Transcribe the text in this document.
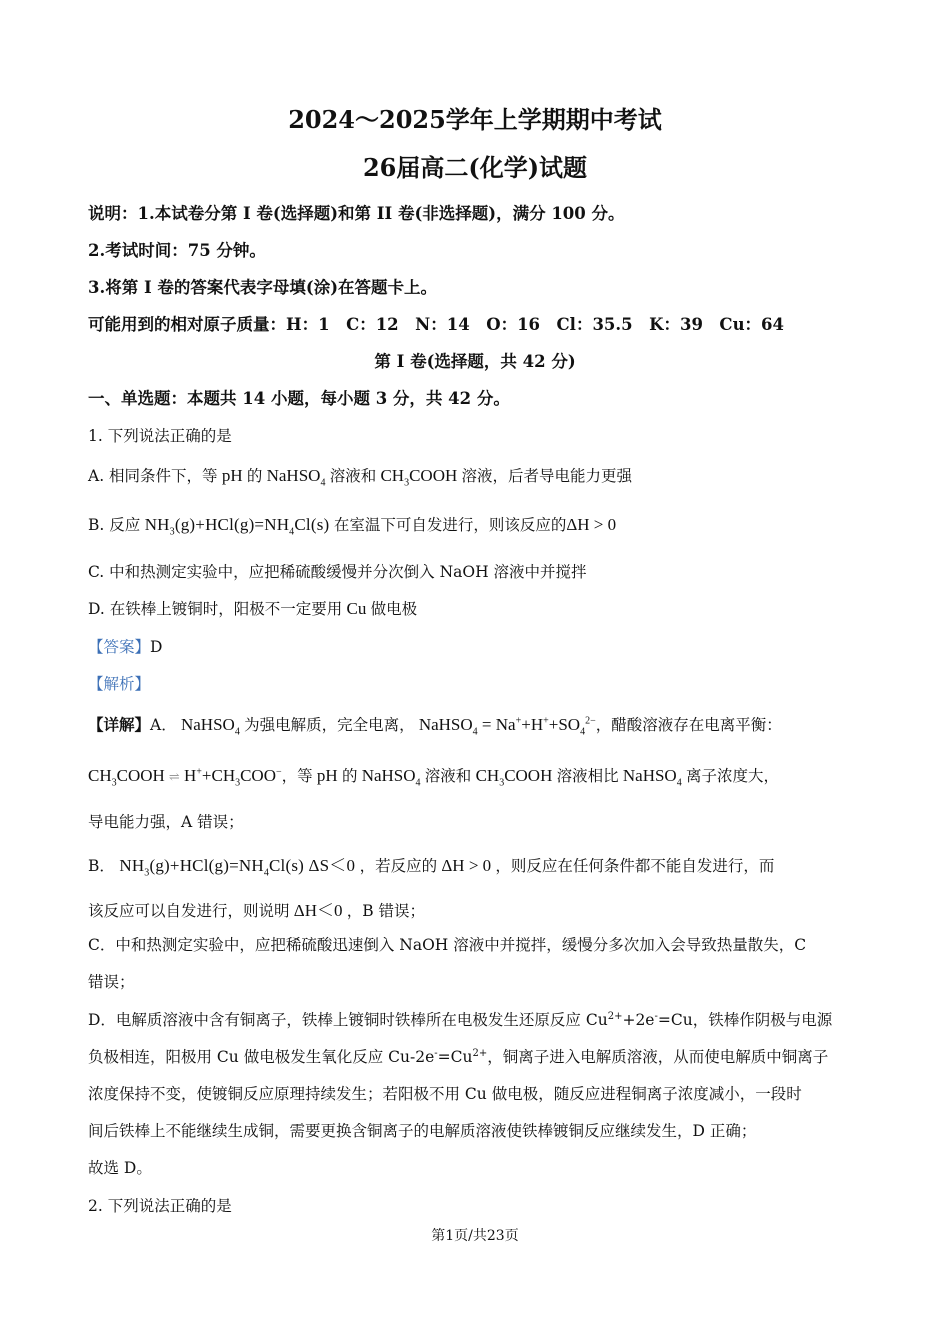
2024～2025学年上学期期中考试
26届高二(化学)试题
说明：1.本试卷分第 I 卷(选择题)和第 II 卷(非选择题)，满分 100 分。
2.考试时间：75 分钟。
3.将第 I 卷的答案代表字母填(涂)在答题卡上。
可能用到的相对原子质量：H：1　C：12　N：14　O：16　Cl：35.5　K：39　Cu：64
第 I 卷(选择题，共 42 分)
一、单选题：本题共 14 小题，每小题 3 分，共 42 分。
1. 下列说法正确的是
A. 相同条件下，等 pH 的 NaHSO$_4$ 溶液和 $CH_3COOH$ 溶液，后者导电能力更强
B. 反应 $NH_3(g)+HCl(g)=NH_4Cl(s)$ 在室温下可自发进行，则该反应的ΔH > 0
C. 中和热测定实验中，应把稀硫酸缓慢并分次倒入 NaOH 溶液中并搅拌
D. 在铁棒上镀铜时，阳极不一定要用 Cu 做电极
【答案】D
【解析】
【详解】A． NaHSO$_4$ 为强电解质，完全电离， NaHSO$_4$ = $Na^++H^++SO_4^{2-}$，醋酸溶液存在电离平衡：
$CH_3COOH$ ⇌ $H^++CH_3COO^-$，等 pH 的 NaHSO$_4$ 溶液和 $CH_3COOH$ 溶液相比 NaHSO$_4$ 离子浓度大，
导电能力强，A 错误；
B． $NH_3(g)+HCl(g)=NH_4Cl(s)$ ΔS＜0 ，若反应的 ΔH > 0 ，则反应在任何条件都不能自发进行，而
该反应可以自发进行，则说明 ΔH＜0 ，B 错误；
C．中和热测定实验中，应把稀硫酸迅速倒入 NaOH 溶液中并搅拌，缓慢分多次加入会导致热量散失，C
错误；
D．电解质溶液中含有铜离子，铁棒上镀铜时铁棒所在电极发生还原反应 $Cu^{2+}+2e^-=Cu$，铁棒作阴极与电源
负极相连，阳极用 Cu 做电极发生氧化反应 $Cu-2e^-=Cu^{2+}$，铜离子进入电解质溶液，从而使电解质中铜离子
浓度保持不变，使镀铜反应原理持续发生；若阳极不用 Cu 做电极，随反应进程铜离子浓度减小，一段时
间后铁棒上不能继续生成铜，需要更换含铜离子的电解质溶液使铁棒镀铜反应继续发生，D 正确；
故选 D。
2. 下列说法正确的是
第1页/共23页
